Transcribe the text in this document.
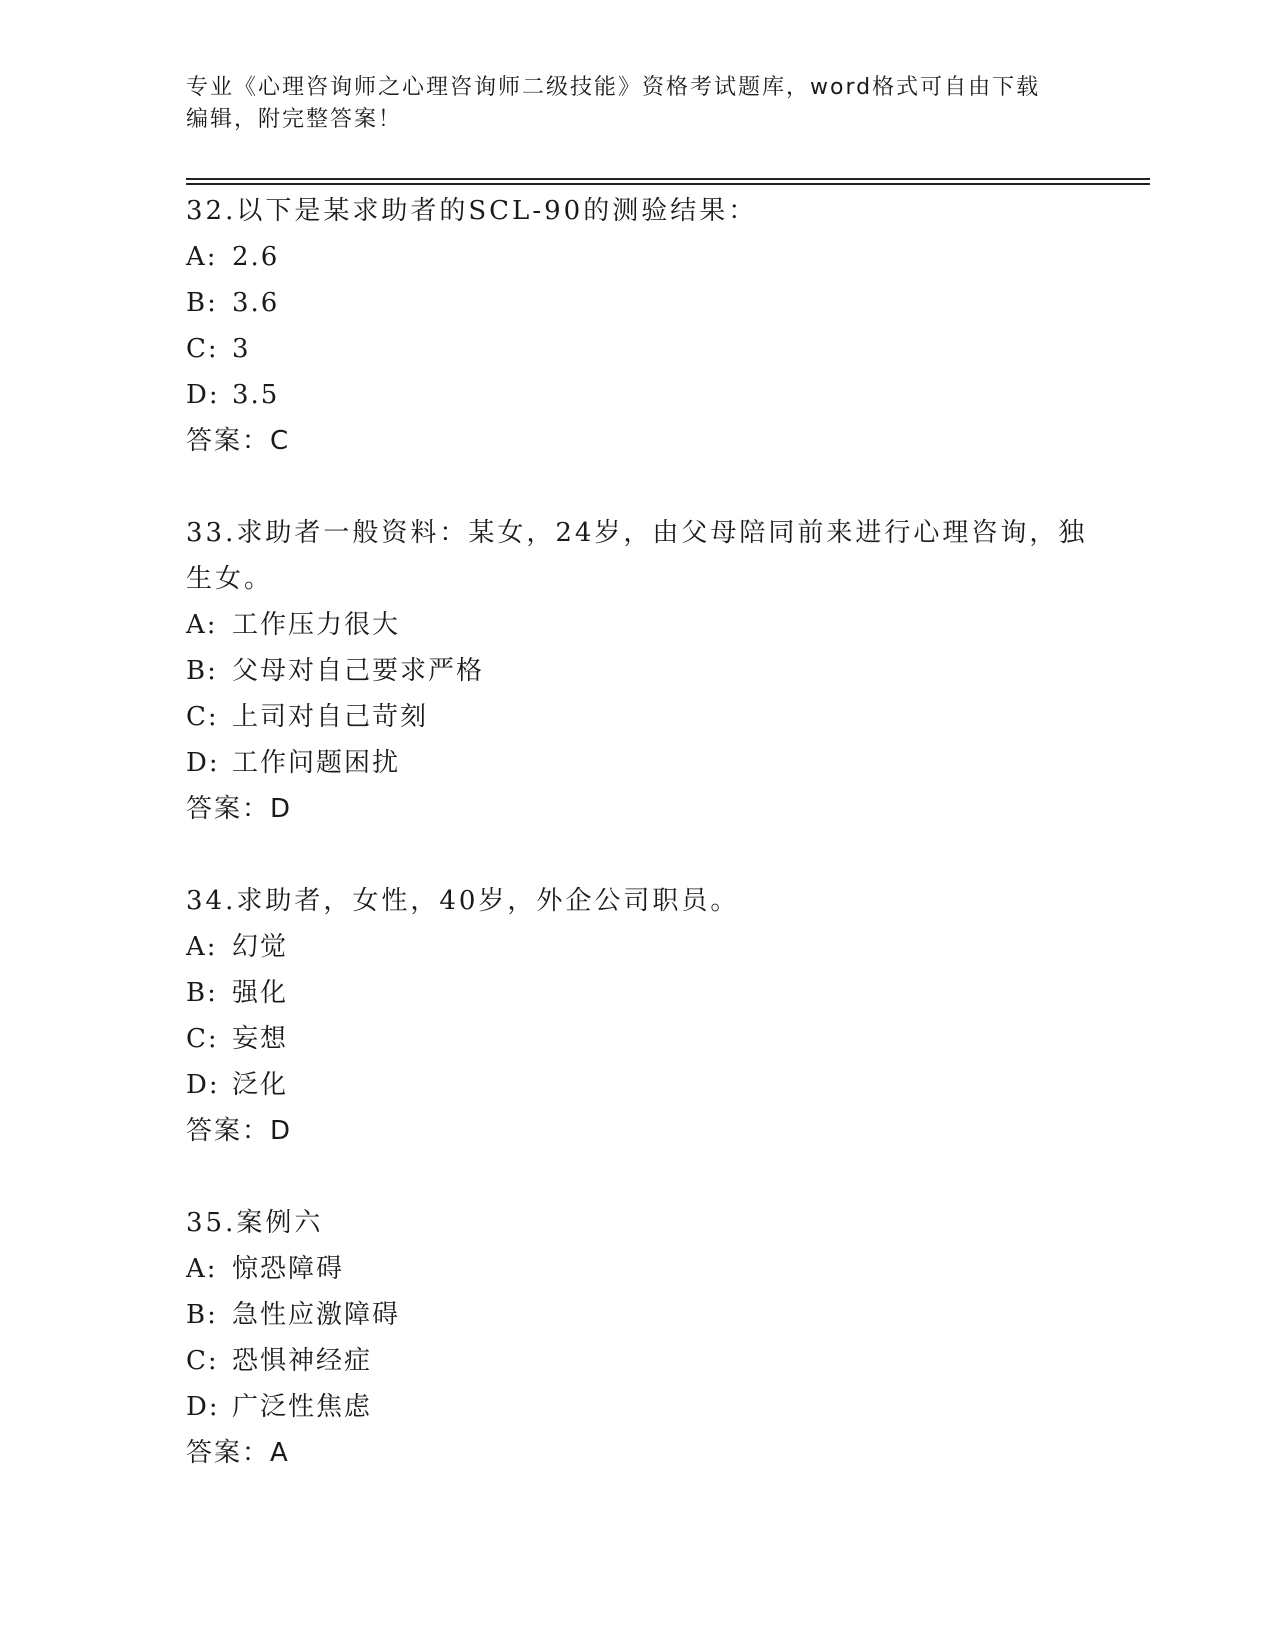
专业《心理咨询师之心理咨询师二级技能》资格考试题库，word格式可自由下载
编辑，附完整答案！

32.以下是某求助者的SCL-90的测验结果：

A: 2.6

B: 3.6

C: 3

D: 3.5

答案：C

33.求助者一般资料：某女，24岁，由父母陪同前来进行心理咨询，独

生女。

A: 工作压力很大

B: 父母对自己要求严格

C: 上司对自己苛刻

D: 工作问题困扰

答案：D

34.求助者，女性，40岁，外企公司职员。

A: 幻觉

B: 强化

C: 妄想

D: 泛化

答案：D

35.案例六

A: 惊恐障碍

B: 急性应激障碍

C: 恐惧神经症

D: 广泛性焦虑

答案：A
